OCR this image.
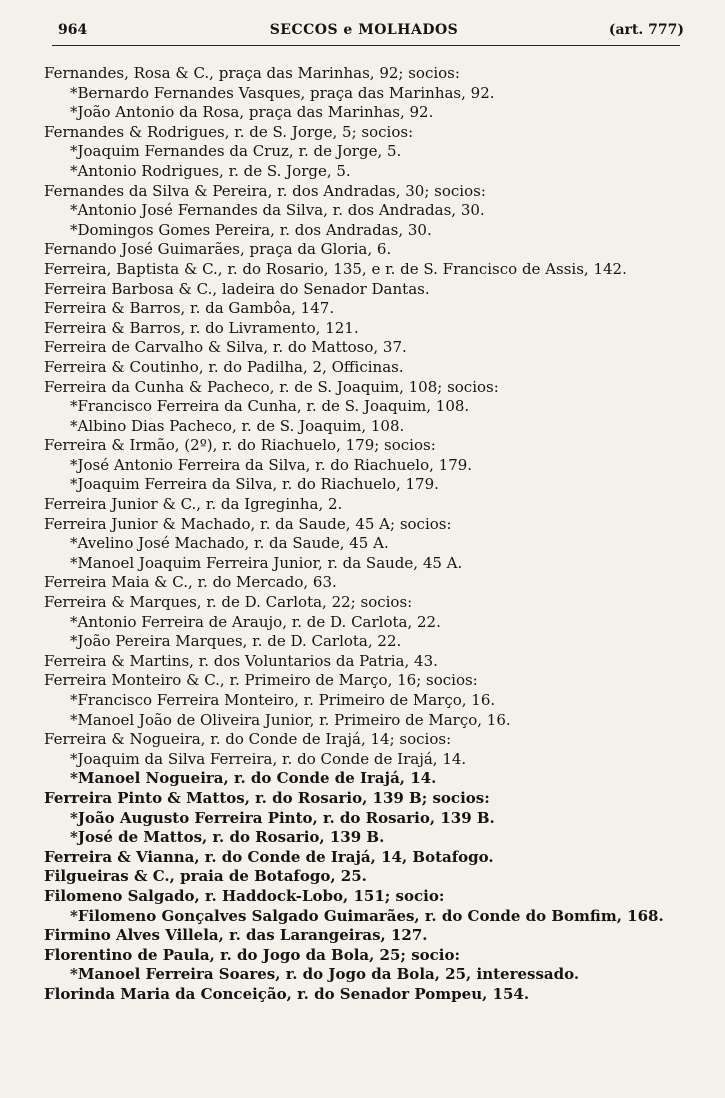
964	SECCOS e MOLHADOS	(art. 777)
Fernandes, Rosa & C., praça das Marinhas, 92; socios:
*Bernardo Fernandes Vasques, praça das Marinhas, 92.
*João Antonio da Rosa, praça das Marinhas, 92.
Fernandes & Rodrigues, r. de S. Jorge, 5; socios:
*Joaquim Fernandes da Cruz, r. de Jorge, 5.
*Antonio Rodrigues, r. de S. Jorge, 5.
Fernandes da Silva & Pereira, r. dos Andradas, 30; socios:
*Antonio José Fernandes da Silva, r. dos Andradas, 30.
*Domingos Gomes Pereira, r. dos Andradas, 30.
Fernando José Guimarães, praça da Gloria, 6.
Ferreira, Baptista & C., r. do Rosario, 135, e r. de S. Francisco de Assis, 142.
Ferreira Barbosa & C., ladeira do Senador Dantas.
Ferreira & Barros, r. da Gambôa, 147.
Ferreira & Barros, r. do Livramento, 121.
Ferreira de Carvalho & Silva, r. do Mattoso, 37.
Ferreira & Coutinho, r. do Padilha, 2, Officinas.
Ferreira da Cunha & Pacheco, r. de S. Joaquim, 108; socios:
*Francisco Ferreira da Cunha, r. de S. Joaquim, 108.
*Albino Dias Pacheco, r. de S. Joaquim, 108.
Ferreira & Irmão, (2º), r. do Riachuelo, 179; socios:
*José Antonio Ferreira da Silva, r. do Riachuelo, 179.
*Joaquim Ferreira da Silva, r. do Riachuelo, 179.
Ferreira Junior & C., r. da Igreginha, 2.
Ferreira Junior & Machado, r. da Saude, 45 A; socios:
*Avelino José Machado, r. da Saude, 45 A.
*Manoel Joaquim Ferreira Junior, r. da Saude, 45 A.
Ferreira Maia & C., r. do Mercado, 63.
Ferreira & Marques, r. de D. Carlota, 22; socios:
*Antonio Ferreira de Araujo, r. de D. Carlota, 22.
*João Pereira Marques, r. de D. Carlota, 22.
Ferreira & Martins, r. dos Voluntarios da Patria, 43.
Ferreira Monteiro & C., r. Primeiro de Março, 16; socios:
*Francisco Ferreira Monteiro, r. Primeiro de Março, 16.
*Manoel João de Oliveira Junior, r. Primeiro de Março, 16.
Ferreira & Nogueira, r. do Conde de Irajá, 14; socios:
*Joaquim da Silva Ferreira, r. do Conde de Irajá, 14.
*Manoel Nogueira, r. do Conde de Irajá, 14.
Ferreira Pinto & Mattos, r. do Rosario, 139 B; socios:
*João Augusto Ferreira Pinto, r. do Rosario, 139 B.
*José de Mattos, r. do Rosario, 139 B.
Ferreira & Vianna, r. do Conde de Irajá, 14, Botafogo.
Filgueiras & C., praia de Botafogo, 25.
Filomeno Salgado, r. Haddock-Lobo, 151; socio:
*Filomeno Gonçalves Salgado Guimarães, r. do Conde do Bomfim, 168.
Firmino Alves Villela, r. das Larangeiras, 127.
Florentino de Paula, r. do Jogo da Bola, 25; socio:
*Manoel Ferreira Soares, r. do Jogo da Bola, 25, interessado.
Florinda Maria da Conceição, r. do Senador Pompeu, 154.
